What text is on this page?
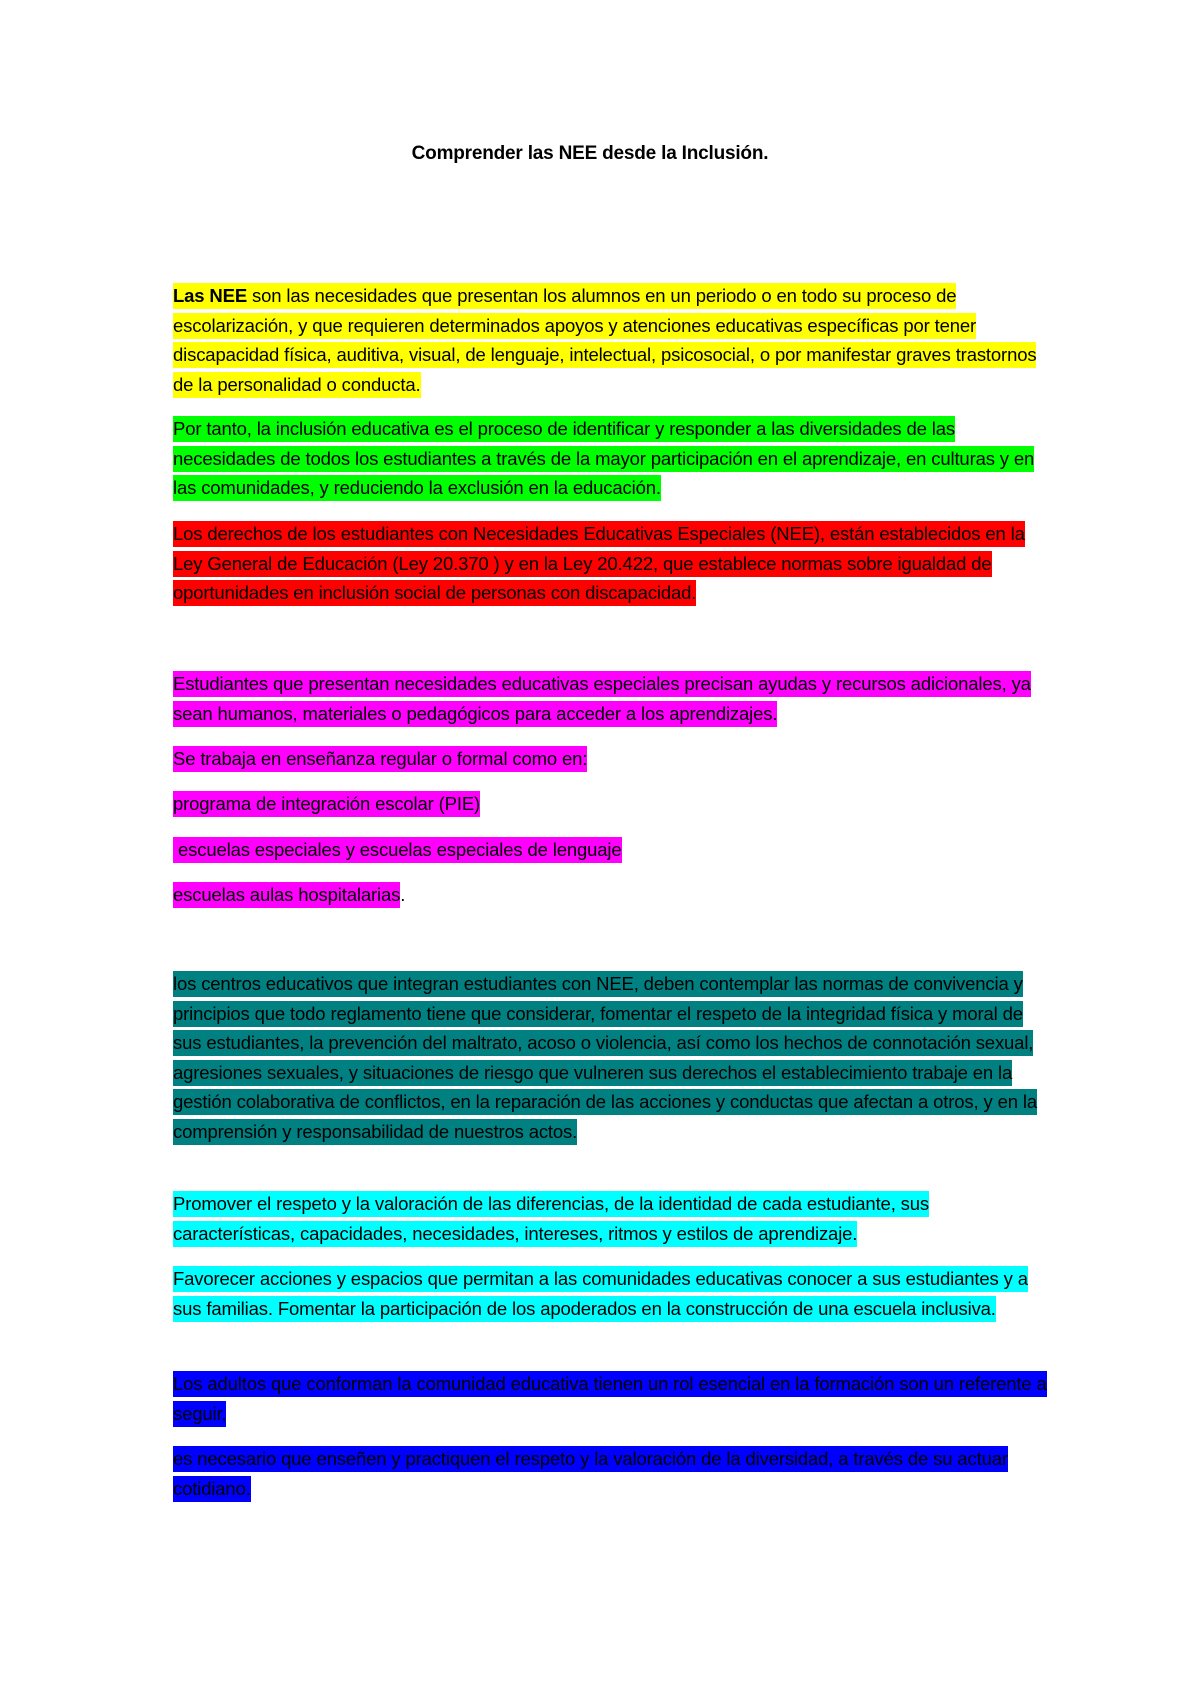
Comprender las NEE desde la Inclusión.

Las NEE son las necesidades que presentan los alumnos en un periodo o en todo su proceso de escolarización, y que requieren determinados apoyos y atenciones educativas específicas por tener discapacidad física, auditiva, visual, de lenguaje, intelectual, psicosocial, o por manifestar graves trastornos de la personalidad o conducta.

Por tanto, la inclusión educativa es el proceso de identificar y responder a las diversidades de las necesidades de todos los estudiantes a través de la mayor participación en el aprendizaje, en culturas y en las comunidades, y reduciendo la exclusión en la educación.

Los derechos de los estudiantes con Necesidades Educativas Especiales (NEE), están establecidos en la Ley General de Educación (Ley 20.370 ) y en la Ley 20.422, que establece normas sobre igualdad de oportunidades en inclusión social de personas con discapacidad.

Estudiantes que presentan necesidades educativas especiales precisan ayudas y recursos adicionales, ya sean humanos, materiales o pedagógicos para acceder a los aprendizajes.

Se trabaja en enseñanza regular o formal como en:

programa de integración escolar (PIE)

escuelas especiales y escuelas especiales de lenguaje

escuelas aulas hospitalarias.

los centros educativos que integran estudiantes con NEE, deben contemplar las normas de convivencia y principios que todo reglamento tiene que considerar, fomentar el respeto de la integridad física y moral de sus estudiantes, la prevención del maltrato, acoso o violencia, así como los hechos de connotación sexual, agresiones sexuales, y situaciones de riesgo que vulneren sus derechos el establecimiento trabaje en la gestión colaborativa de conflictos, en la reparación de las acciones y conductas que afectan a otros, y en la comprensión y responsabilidad de nuestros actos.

Promover el respeto y la valoración de las diferencias, de la identidad de cada estudiante, sus características, capacidades, necesidades, intereses, ritmos y estilos de aprendizaje.

Favorecer acciones y espacios que permitan a las comunidades educativas conocer a sus estudiantes y a sus familias. Fomentar la participación de los apoderados en la construcción de una escuela inclusiva.

Los adultos que conforman la comunidad educativa tienen un rol esencial en la formación son un referente a seguir,

es necesario que enseñen y practiquen el respeto y la valoración de la diversidad, a través de su actuar cotidiano.
